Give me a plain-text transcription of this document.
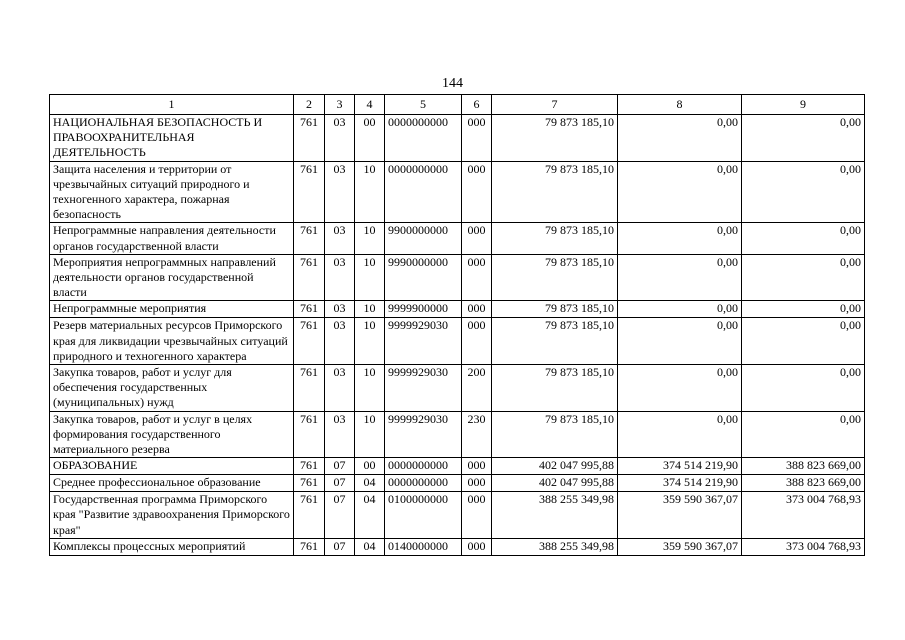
144
1	2	3	4	5	6	7	8	9
НАЦИОНАЛЬНАЯ БЕЗОПАСНОСТЬ И ПРАВООХРАНИТЕЛЬНАЯ ДЕЯТЕЛЬНОСТЬ	761	03	00	0000000000	000	79 873 185,10	0,00	0,00
Защита населения и территории от чрезвычайных ситуаций природного и техногенного характера, пожарная безопасность	761	03	10	0000000000	000	79 873 185,10	0,00	0,00
Непрограммные направления деятельности органов государственной власти	761	03	10	9900000000	000	79 873 185,10	0,00	0,00
Мероприятия непрограммных направлений деятельности органов государственной власти	761	03	10	9990000000	000	79 873 185,10	0,00	0,00
Непрограммные мероприятия	761	03	10	9999900000	000	79 873 185,10	0,00	0,00
Резерв материальных ресурсов Приморского края для ликвидации чрезвычайных ситуаций природного и техногенного характера	761	03	10	9999929030	000	79 873 185,10	0,00	0,00
Закупка товаров, работ и услуг для обеспечения государственных (муниципальных) нужд	761	03	10	9999929030	200	79 873 185,10	0,00	0,00
Закупка товаров, работ и услуг в целях формирования государственного материального резерва	761	03	10	9999929030	230	79 873 185,10	0,00	0,00
ОБРАЗОВАНИЕ	761	07	00	0000000000	000	402 047 995,88	374 514 219,90	388 823 669,00
Среднее профессиональное образование	761	07	04	0000000000	000	402 047 995,88	374 514 219,90	388 823 669,00
Государственная программа Приморского края "Развитие здравоохранения Приморского края"	761	07	04	0100000000	000	388 255 349,98	359 590 367,07	373 004 768,93
Комплексы процессных мероприятий	761	07	04	0140000000	000	388 255 349,98	359 590 367,07	373 004 768,93
